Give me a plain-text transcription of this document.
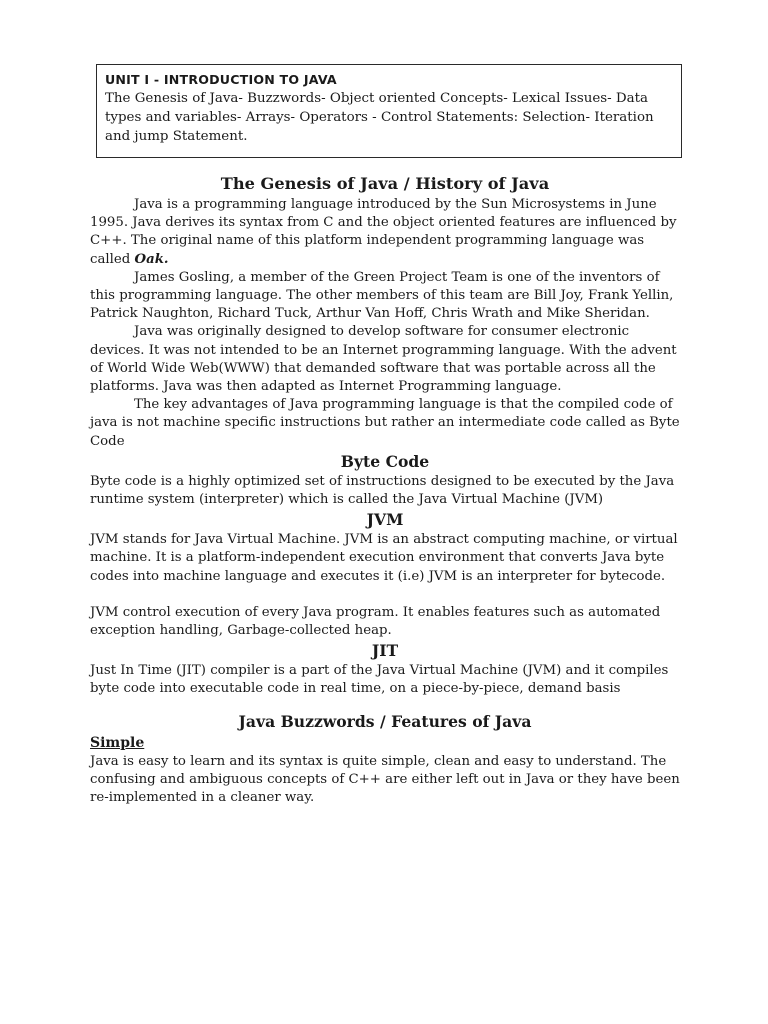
UNIT I - INTRODUCTION TO JAVA

The Genesis of Java- Buzzwords- Object oriented Concepts- Lexical Issues- Data types and variables- Arrays- Operators - Control Statements: Selection- Iteration and jump Statement.

The Genesis of Java / History of Java

Java is a programming language introduced by the Sun Microsystems in June 1995. Java derives its syntax from C and the object oriented features are influenced by C++. The original name of this platform independent programming language was called Oak.

James Gosling, a member of the Green Project Team is one of the inventors of this programming language. The other members of this team are Bill Joy, Frank Yellin, Patrick Naughton, Richard Tuck, Arthur Van Hoff, Chris Wrath and Mike Sheridan.

Java was originally designed to develop software for consumer electronic devices. It was not intended to be an Internet programming language. With the advent of World Wide Web(WWW) that demanded software that was portable across all the platforms. Java was then adapted as Internet Programming language.

The key advantages of Java programming language is that the compiled code of java is not machine specific instructions but rather an intermediate code called as Byte Code

Byte Code

Byte code is a highly optimized set of instructions designed to be executed by the Java runtime system (interpreter) which is called the Java Virtual Machine (JVM)

JVM

JVM stands for Java Virtual Machine. JVM is an abstract computing machine, or virtual machine. It is a platform-independent execution environment that converts Java byte codes into machine language and executes it (i.e) JVM is an interpreter for bytecode.

JVM control execution of every Java program. It enables features such as automated exception handling, Garbage-collected heap.

JIT

Just In Time (JIT) compiler is a part of the Java Virtual Machine (JVM) and it compiles byte code into executable code in real time, on a piece-by-piece, demand basis

Java Buzzwords / Features of Java
Simple

Java is easy to learn and its syntax is quite simple, clean and easy to understand. The confusing and ambiguous concepts of C++ are either left out in Java or they have been re-implemented in a cleaner way.
